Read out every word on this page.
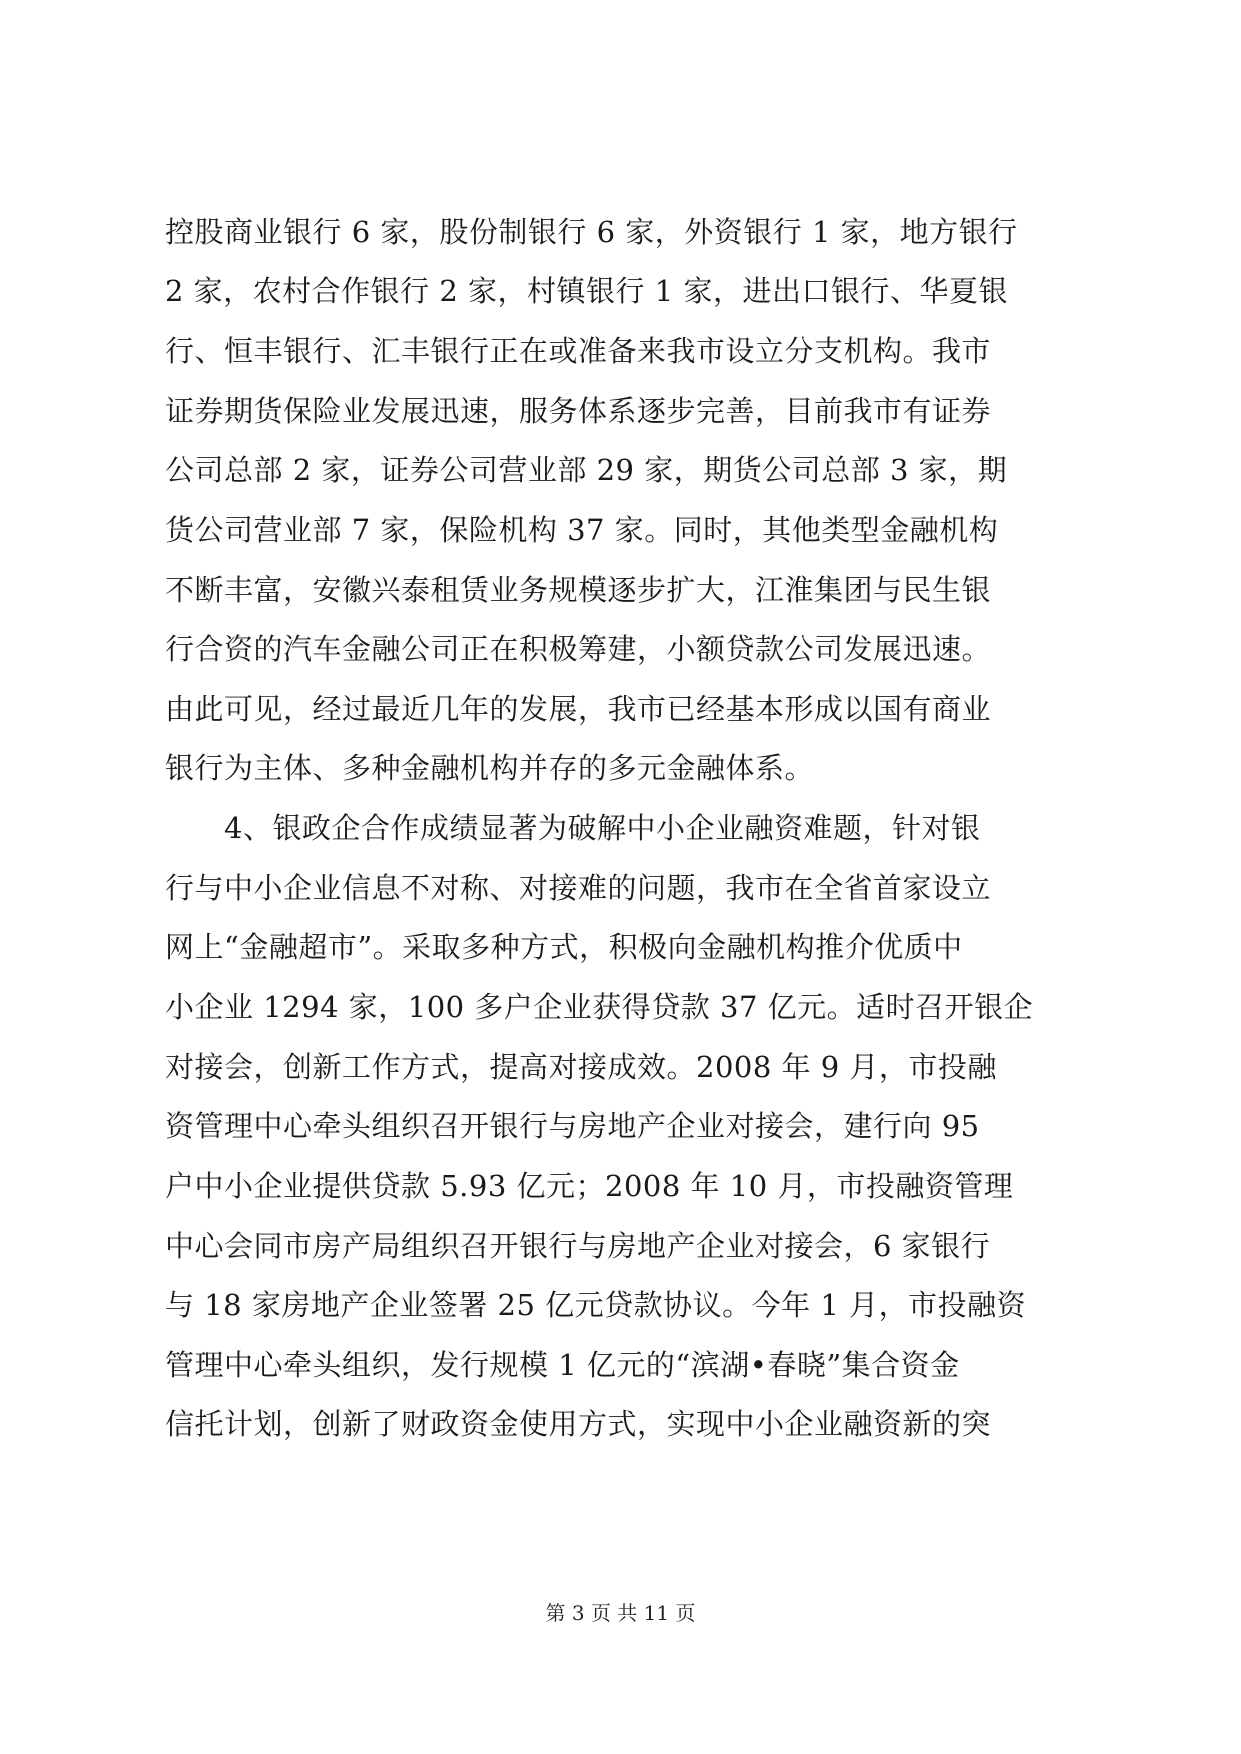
控股商业银行 6 家，股份制银行 6 家，外资银行 1 家，地方银行
2 家，农村合作银行 2 家，村镇银行 1 家，进出口银行、华夏银
行、恒丰银行、汇丰银行正在或准备来我市设立分支机构。我市
证券期货保险业发展迅速，服务体系逐步完善，目前我市有证券
公司总部 2 家，证券公司营业部 29 家，期货公司总部 3 家，期
货公司营业部 7 家，保险机构 37 家。同时，其他类型金融机构
不断丰富，安徽兴泰租赁业务规模逐步扩大，江淮集团与民生银
行合资的汽车金融公司正在积极筹建，小额贷款公司发展迅速。
由此可见，经过最近几年的发展，我市已经基本形成以国有商业
银行为主体、多种金融机构并存的多元金融体系。
　　4、银政企合作成绩显著为破解中小企业融资难题，针对银
行与中小企业信息不对称、对接难的问题，我市在全省首家设立
网上“金融超市”。采取多种方式，积极向金融机构推介优质中
小企业 1294 家，100 多户企业获得贷款 37 亿元。适时召开银企
对接会，创新工作方式，提高对接成效。2008 年 9 月，市投融
资管理中心牵头组织召开银行与房地产企业对接会，建行向 95
户中小企业提供贷款 5.93 亿元；2008 年 10 月，市投融资管理
中心会同市房产局组织召开银行与房地产企业对接会，6 家银行
与 18 家房地产企业签署 25 亿元贷款协议。今年 1 月，市投融资
管理中心牵头组织，发行规模 1 亿元的“滨湖•春晓”集合资金
信托计划，创新了财政资金使用方式，实现中小企业融资新的突
第 3 页 共 11 页
